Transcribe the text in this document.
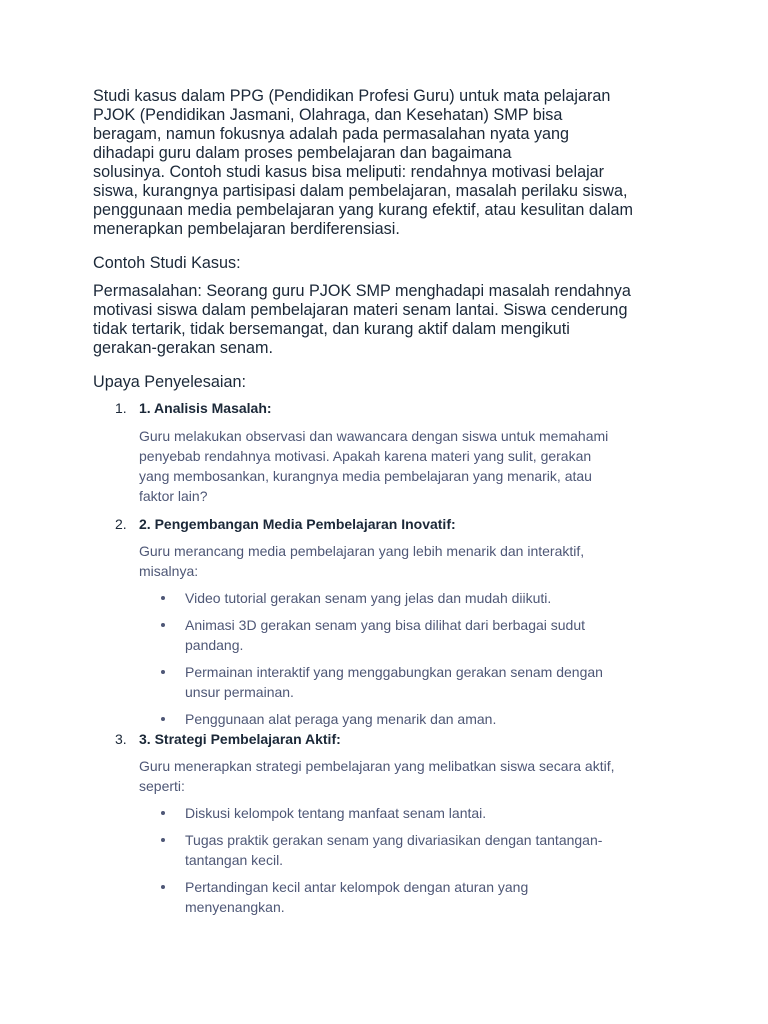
Studi kasus dalam PPG (Pendidikan Profesi Guru) untuk mata pelajaran
PJOK (Pendidikan Jasmani, Olahraga, dan Kesehatan) SMP bisa
beragam, namun fokusnya adalah pada permasalahan nyata yang
dihadapi guru dalam proses pembelajaran dan bagaimana
solusinya. Contoh studi kasus bisa meliputi: rendahnya motivasi belajar
siswa, kurangnya partisipasi dalam pembelajaran, masalah perilaku siswa,
penggunaan media pembelajaran yang kurang efektif, atau kesulitan dalam
menerapkan pembelajaran berdiferensiasi.

Contoh Studi Kasus:

Permasalahan: Seorang guru PJOK SMP menghadapi masalah rendahnya
motivasi siswa dalam pembelajaran materi senam lantai. Siswa cenderung
tidak tertarik, tidak bersemangat, dan kurang aktif dalam mengikuti
gerakan-gerakan senam.

Upaya Penyelesaian:

1. 1. Analisis Masalah:

Guru melakukan observasi dan wawancara dengan siswa untuk memahami
penyebab rendahnya motivasi. Apakah karena materi yang sulit, gerakan
yang membosankan, kurangnya media pembelajaran yang menarik, atau
faktor lain?

2. 2. Pengembangan Media Pembelajaran Inovatif:

Guru merancang media pembelajaran yang lebih menarik dan interaktif,
misalnya:

Video tutorial gerakan senam yang jelas dan mudah diikuti.
Animasi 3D gerakan senam yang bisa dilihat dari berbagai sudut
pandang.
Permainan interaktif yang menggabungkan gerakan senam dengan
unsur permainan.
Penggunaan alat peraga yang menarik dan aman.
3. 3. Strategi Pembelajaran Aktif:

Guru menerapkan strategi pembelajaran yang melibatkan siswa secara aktif,
seperti:

Diskusi kelompok tentang manfaat senam lantai.
Tugas praktik gerakan senam yang divariasikan dengan tantangan-
tantangan kecil.
Pertandingan kecil antar kelompok dengan aturan yang
menyenangkan.
